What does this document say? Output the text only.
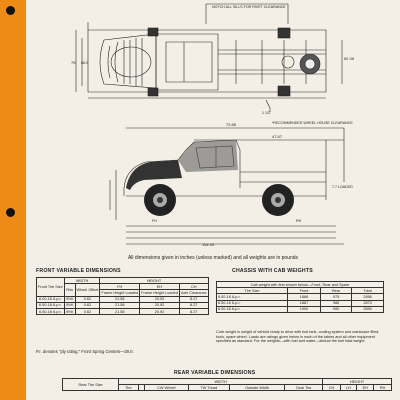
NOTCH ALL SILLS FOR RIVET CLEARANCE
*RECOMMENDED WHEEL HOUSE CLEARANCE
75 68.0
69 1/8
1 1/2
72.85
47.57
7.7 LOADED
115.43
FH	RH
All dimensions given in inches (unless marked) and all weights are in pounds
FRONT VARIABLE DIMENSIONS
Front Tire Size	WIDTH		HEIGHT		
	Rim	Wheel Offset	FH	EH	CH
			Frame Height Loaded	Frame Height Loaded	Axle Clearance
6.00-16 6-p.r.	4½K	0.62	21.58	20.92	8.27
6.50-16 6-p.r.	4½K	0.62	21.58	20.92	8.27
6.50-16 6-p.r.	4½K	0.62	21.58	20.92	8.27
P.r. denotes "ply rating." Front Spring Centers—29.0.
CHASSIS WITH CAB WEIGHTS
Cab weight with first shown below—Front, Rear and Spare			
Tire Size	Front	Rear	Total
6.00-16 6-p.r.	1866	975	2855
6.50-16 6-p.r.	1887	986	2873
6.00-16 6-p.r.	1900	990	2890
Curb weight is weight of vehicle ready to drive with fuel tank, cooling system and crankcase filled, tools, spare wheel. Loads are ratings given below in each of the tables and all other equipment specified as standard. For the weights—with fuel and water—deduct the fuel total weight.
REAR VARIABLE DIMENSIONS
Rear Tire Size	WIDTH						HEIGHT			
	Tire		CW Wheel	TW Tread	Outside Width	Dual Tire	CH	LH	EH	RH
